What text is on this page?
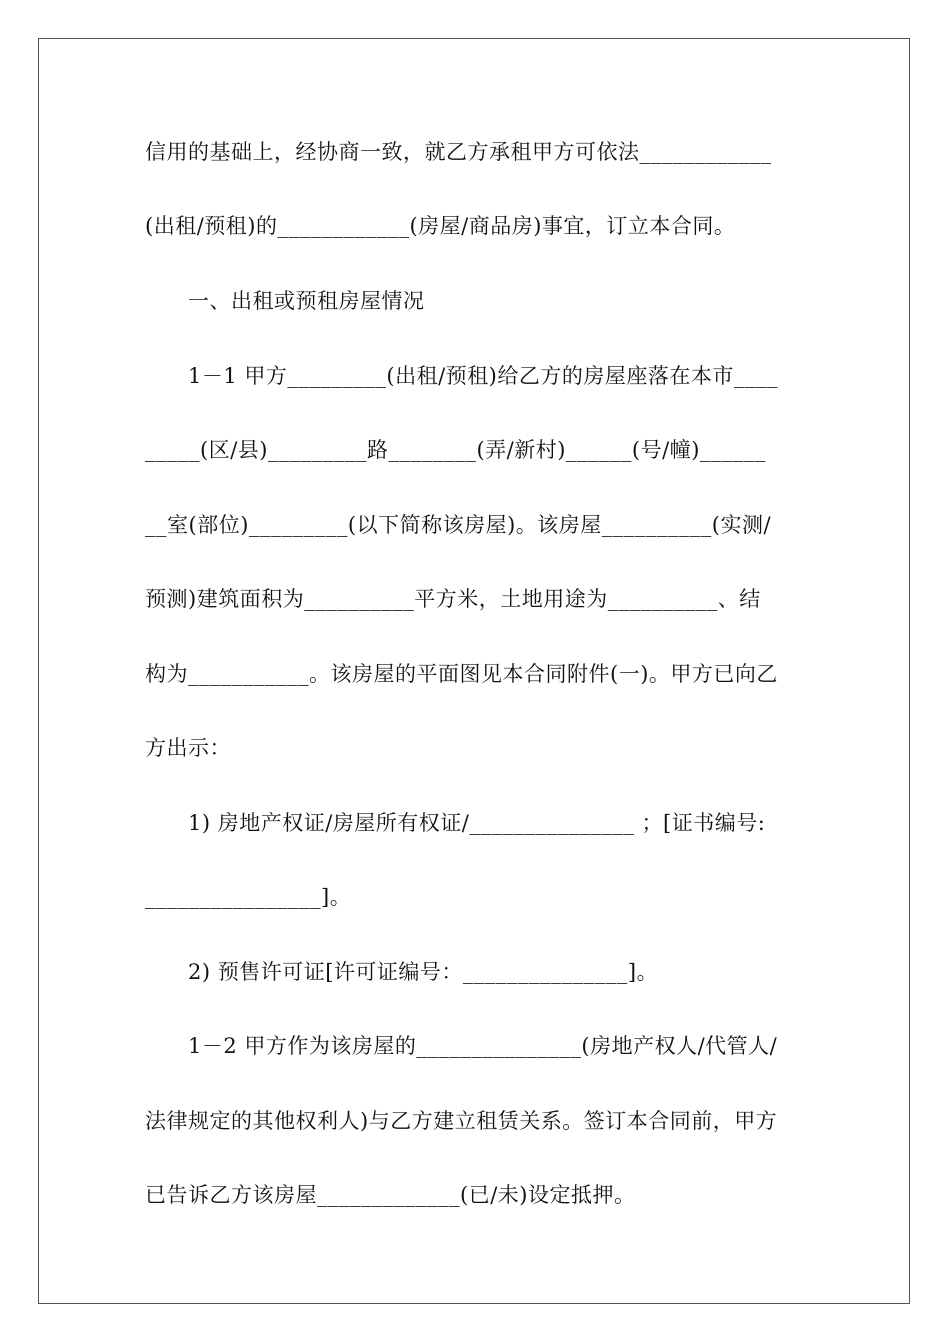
信用的基础上，经协商一致，就乙方承租甲方可依法____________
(出租/预租)的____________(房屋/商品房)事宜，订立本合同。
一、出租或预租房屋情况
1－1 甲方_________(出租/预租)给乙方的房屋座落在本市____
_____(区/县)_________路________(弄/新村)______(号/幢)______
__室(部位)_________(以下简称该房屋)。该房屋__________(实测/
预测)建筑面积为__________平方米，土地用途为__________、结
构为___________。该房屋的平面图见本合同附件(一)。甲方已向乙
方出示：
1) 房地产权证/房屋所有权证/_______________ ；[证书编号:
________________]。
2) 预售许可证[许可证编号：_______________]。
1－2 甲方作为该房屋的_______________(房地产权人/代管人/
法律规定的其他权利人)与乙方建立租赁关系。签订本合同前，甲方
已告诉乙方该房屋_____________(已/未)设定抵押。
